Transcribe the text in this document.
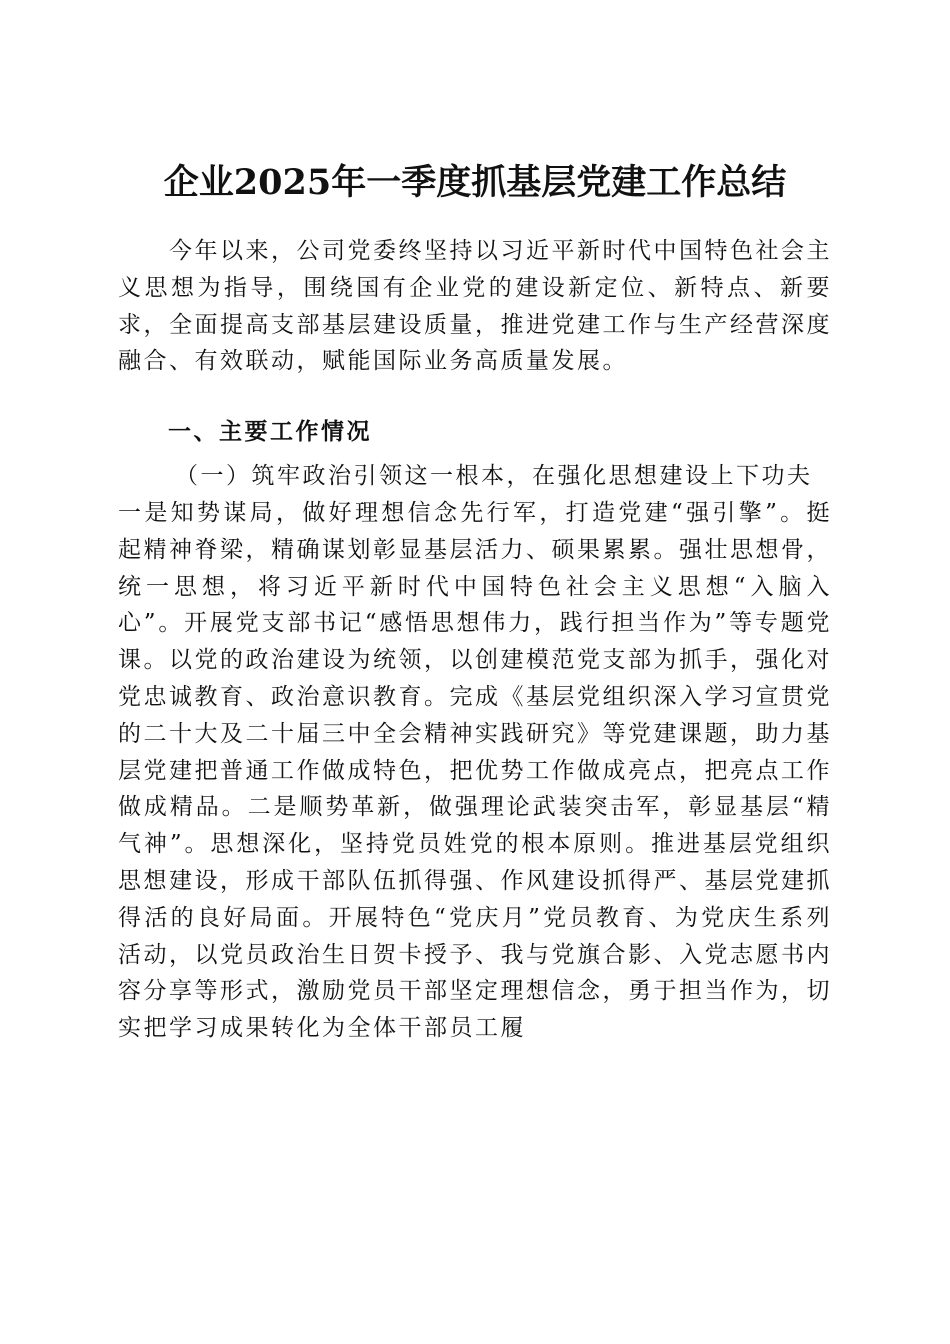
企业2025年一季度抓基层党建工作总结

今年以来，公司党委终坚持以习近平新时代中国特色社会主义思想为指导，围绕国有企业党的建设新定位、新特点、新要求，全面提高支部基层建设质量，推进党建工作与生产经营深度融合、有效联动，赋能国际业务高质量发展。

一、主要工作情况

（一）筑牢政治引领这一根本，在强化思想建设上下功夫

一是知势谋局，做好理想信念先行军，打造党建“强引擎”。挺起精神脊梁，精确谋划彰显基层活力、硕果累累。强壮思想骨，统一思想，将习近平新时代中国特色社会主义思想“入脑入心”。开展党支部书记“感悟思想伟力，践行担当作为”等专题党课。以党的政治建设为统领，以创建模范党支部为抓手，强化对党忠诚教育、政治意识教育。完成《基层党组织深入学习宣贯党的二十大及二十届三中全会精神实践研究》等党建课题，助力基层党建把普通工作做成特色，把优势工作做成亮点，把亮点工作做成精品。二是顺势革新，做强理论武装突击军，彰显基层“精气神”。思想深化，坚持党员姓党的根本原则。推进基层党组织思想建设，形成干部队伍抓得强、作风建设抓得严、基层党建抓得活的良好局面。开展特色“党庆月”党员教育、为党庆生系列活动，以党员政治生日贺卡授予、我与党旗合影、入党志愿书内容分享等形式，激励党员干部坚定理想信念，勇于担当作为，切实把学习成果转化为全体干部员工履
